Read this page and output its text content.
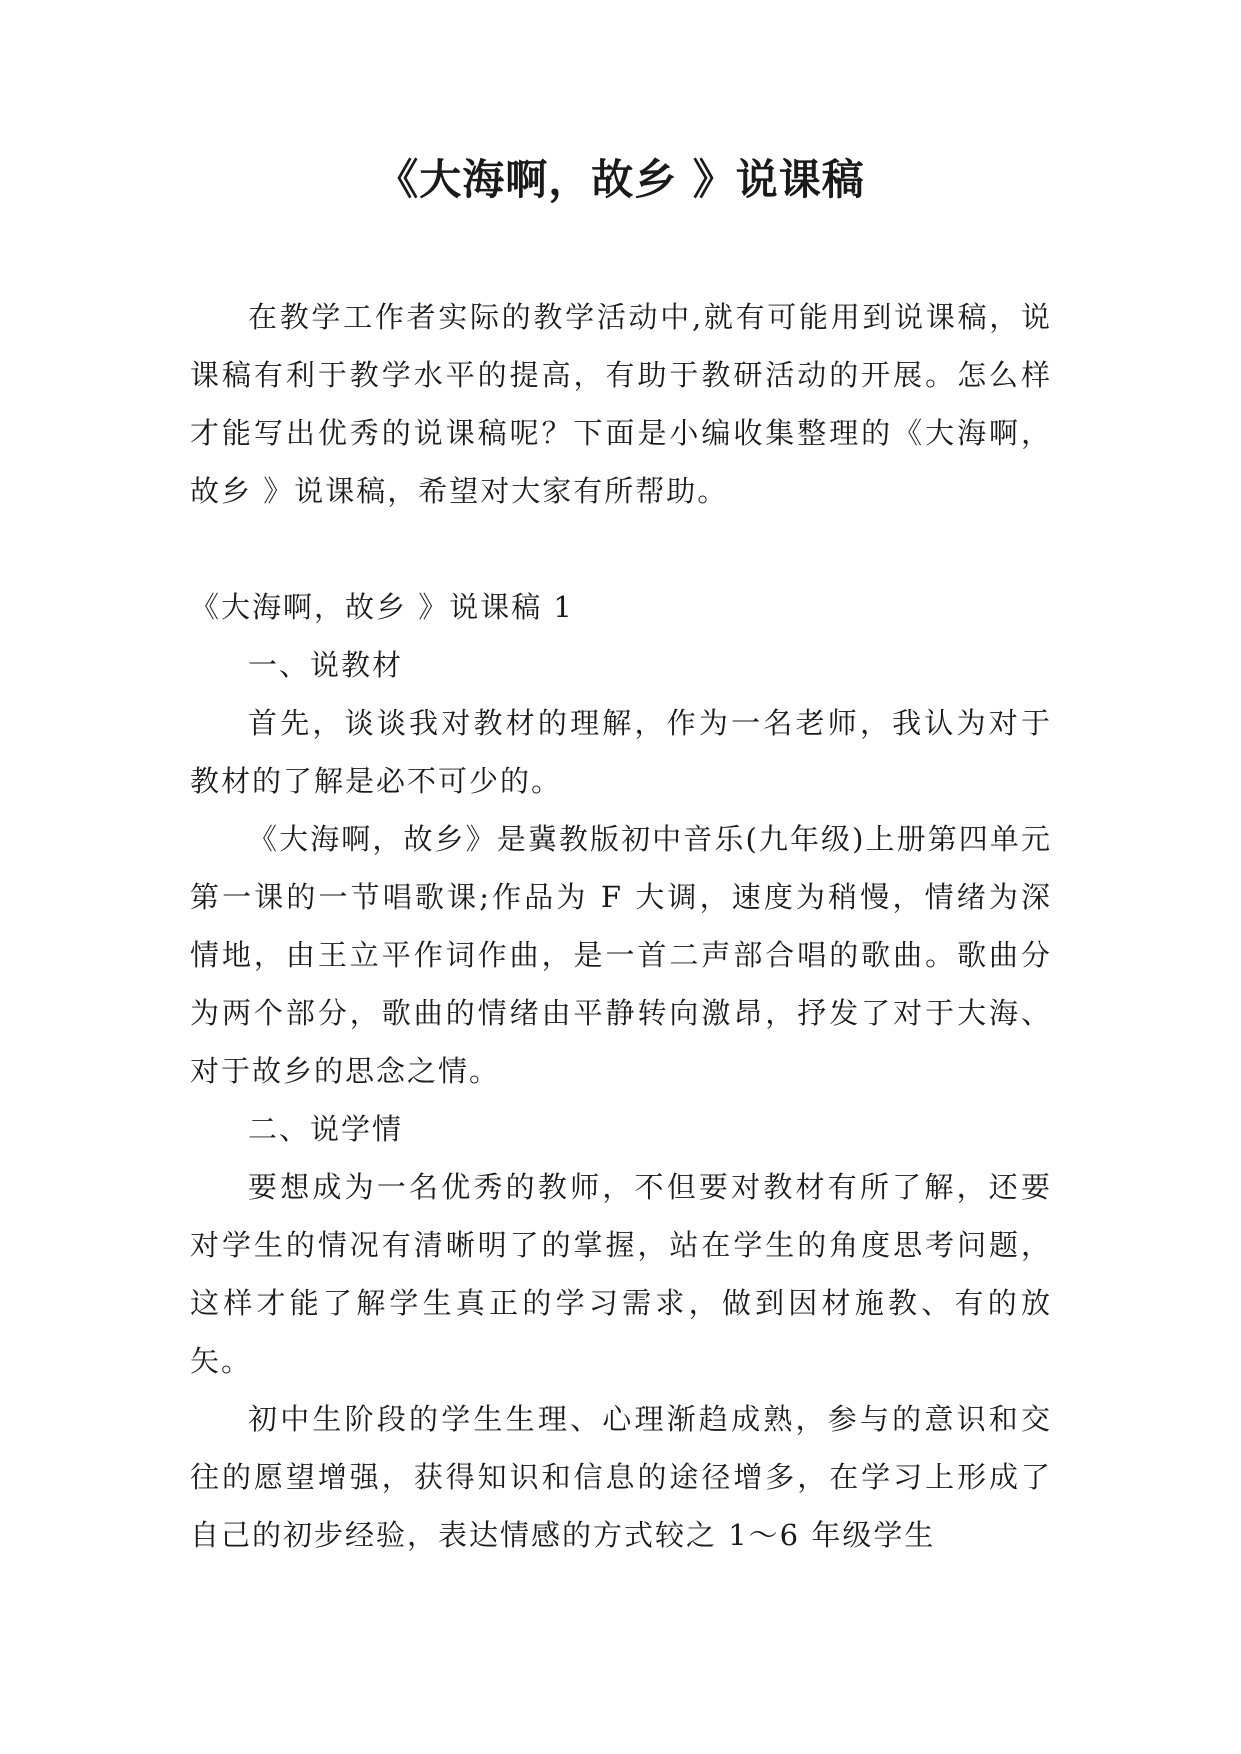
《大海啊，故乡 》说课稿

在教学工作者实际的教学活动中,就有可能用到说课稿，说课稿有利于教学水平的提高，有助于教研活动的开展。怎么样才能写出优秀的说课稿呢？下面是小编收集整理的《大海啊，故乡 》说课稿，希望对大家有所帮助。

《大海啊，故乡 》说课稿 1

一、说教材

首先，谈谈我对教材的理解，作为一名老师，我认为对于教材的了解是必不可少的。

《大海啊，故乡》是冀教版初中音乐(九年级)上册第四单元第一课的一节唱歌课;作品为 F 大调，速度为稍慢，情绪为深情地，由王立平作词作曲，是一首二声部合唱的歌曲。歌曲分为两个部分，歌曲的情绪由平静转向激昂，抒发了对于大海、对于故乡的思念之情。

二、说学情

要想成为一名优秀的教师，不但要对教材有所了解，还要对学生的情况有清晰明了的掌握，站在学生的角度思考问题，这样才能了解学生真正的学习需求，做到因材施教、有的放矢。

初中生阶段的学生生理、心理渐趋成熟，参与的意识和交往的愿望增强，获得知识和信息的途径增多，在学习上形成了自己的初步经验，表达情感的方式较之 1～6 年级学生
